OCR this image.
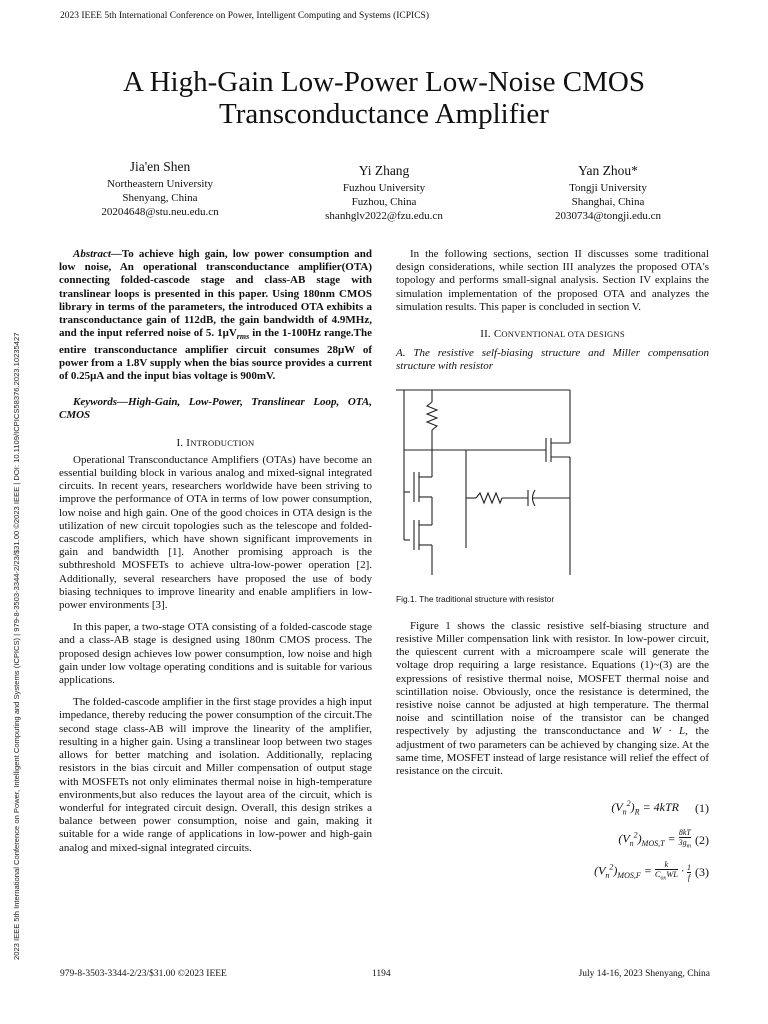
2023 IEEE 5th International Conference on Power, Intelligent Computing and Systems (ICPICS)
2023 IEEE 5th International Conference on Power, Intelligent Computing and Systems (ICPICS) | 979-8-3503-3344-2/23/$31.00 ©2023 IEEE | DOI: 10.1109/ICPICS58376.2023.10235427
A High-Gain Low-Power Low-Noise CMOS Transconductance Amplifier
Jia'en Shen
Northeastern University
Shenyang, China
20204648@stu.neu.edu.cn
Yi Zhang
Fuzhou University
Fuzhou, China
shanhglv2022@fzu.edu.cn
Yan Zhou*
Tongji University
Shanghai, China
2030734@tongji.edu.cn

Abstract—To achieve high gain, low power consumption and low noise, An operational transconductance amplifier(OTA) connecting folded-cascode stage and class-AB stage with translinear loops is presented in this paper. Using 180nm CMOS library in terms of the parameters, the introduced OTA exhibits a transconductance gain of 112dB, the gain bandwidth of 4.9MHz, and the input referred noise of 5. $1\mu V_{rms}$ in the 1-100Hz range.The entire transconductance amplifier circuit consumes 28μW of power from a 1.8V supply when the bias source provides a current of 0.25μA and the input bias voltage is 900mV.

Keywords—High-Gain, Low-Power, Translinear Loop, OTA, CMOS

I. INTRODUCTION

Operational Transconductance Amplifiers (OTAs) have become an essential building block in various analog and mixed-signal integrated circuits. In recent years, researchers worldwide have been striving to improve the performance of OTA in terms of low power consumption, low noise and high gain. One of the good choices in OTA design is the utilization of new circuit topologies such as the telescope and folded-cascode amplifiers, which have shown significant improvements in gain and bandwidth [1]. Another promising approach is the subthreshold MOSFETs to achieve ultra-low-power operation [2]. Additionally, several researchers have proposed the use of body biasing techniques to improve linearity and enable amplifiers in low-power environments [3].

In this paper, a two-stage OTA consisting of a folded-cascode stage and a class-AB stage is designed using 180nm CMOS process. The proposed design achieves low power consumption, low noise and high gain under low voltage operating conditions and is suitable for various applications.

The folded-cascode amplifier in the first stage provides a high input impedance, thereby reducing the power consumption of the circuit.The second stage class-AB will improve the linearity of the amplifier, resulting in a higher gain. Using a translinear loop between two stages allows for better matching and isolation. Additionally, replacing resistors in the bias circuit and Miller compensation of output stage with MOSFETs not only eliminates thermal noise in high-temperature environments,but also reduces the layout area of the circuit, which is wonderful for integrated circuit design. Overall, this design strikes a balance between power consumption, noise and gain, making it suitable for a wide range of applications in low-power and high-gain analog and mixed-signal integrated circuits.

In the following sections, section II discusses some traditional design considerations, while section III analyzes the proposed OTA's topology and performs small-signal analysis. Section IV explains the simulation implementation of the proposed OTA and analyzes the simulation results. This paper is concluded in section V.

II. CONVENTIONAL OTA DESIGNS

A. The resistive self-biasing structure and Miller compensation structure with resistor

Fig.1. The traditional structure with resistor

Figure 1 shows the classic resistive self-biasing structure and resistive Miller compensation link with resistor. In low-power circuit, the quiescent current with a microampere scale will generate the voltage drop requiring a large resistance. Equations (1)~(3) are the expressions of resistive thermal noise, MOSFET thermal noise and scintillation noise. Obviously, once the resistance is determined, the resistive noise cannot be adjusted at high temperature. The thermal noise and scintillation noise of the transistor can be changed respectively by adjusting the transconductance and W · L, the adjustment of two parameters can be achieved by changing size. At the same time, MOSFET instead of large resistance will relief the effect of resistance on the circuit.

$(V_n^2)_R = 4kTR$	(1)
$(V_n^2)_{MOS,T} = 8kT$
$3g_m$
(2)
$(V_n^2)_{MOS,F}$ =	k
$C_{ox}WL \cdot \frac{1}{f} (3)$
979-8-3503-3344-2/23/$31.00 ©2023 IEEE	1194	July 14-16, 2023 Shenyang, China
